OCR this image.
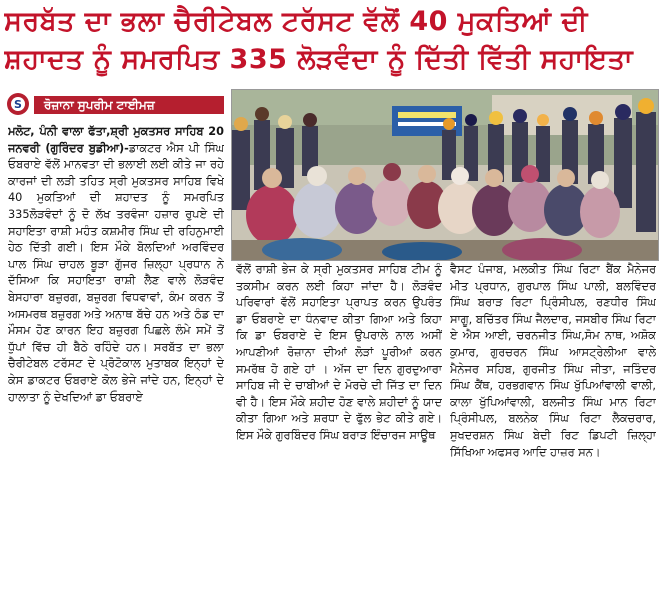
ਸਰਬੱਤ ਦਾ ਭਲਾ ਚੈਰੀਟੇਬਲ ਟਰੱਸਟ ਵੱਲੋਂ 40 ਮੁਕਤਿਆਂ ਦੀ
ਸ਼ਹਾਦਤ ਨੂੰ ਸਮਰਪਿਤ 335 ਲੋੜਵੰਦਾ ਨੂੰ ਦਿੱਤੀ ਵਿੱਤੀ ਸਹਾਇਤਾ
S	ਰੋਜ਼ਾਨਾ ਸੁਪਰੀਮ ਟਾਈਮਜ਼
ਮਲੋਟ, ਪੰਨੀ ਵਾਲਾ ਫੱਤਾ,ਸ਼੍ਰੀ ਮੁਕਤਸਰ ਸਾਹਿਬ 20 ਜਨਵਰੀ (ਗੁਰਿੰਦਰ ਬੁਡੀਆ)-ਡਾਕਟਰ ਐਸ ਪੀ ਸਿੰਘ ਓਬਰਾਏ ਵੱਲੋਂ ਮਾਨਵਤਾ ਦੀ ਭਲਾਈ ਲਈ ਕੀਤੇ ਜਾ ਰਹੇ ਕਾਰਜਾਂ ਦੀ ਲੜੀ ਤਹਿਤ ਸ੍ਰੀ ਮੁਕਤਸਰ ਸਾਹਿਬ ਵਿਖੇ 40 ਮੁਕਤਿਆਂ ਦੀ ਸ਼ਹਾਦਤ ਨੂੰ ਸਮਰਪਿਤ 335ਲੋੜਵੰਦਾਂ ਨੂੰ ਦੋ ਲੱਖ ਤਰਵੰਜਾ ਹਜ਼ਾਰ ਰੁਪਏ ਦੀ ਸਹਾਇਤਾ ਰਾਸ਼ੀ ਮਹੰਤ ਕਸ਼ਮੀਰ ਸਿੰਘ ਦੀ ਰਹਿਨੁਮਾਈ ਹੇਠ ਦਿੱਤੀ ਗਈ। ਇਸ ਮੌਕੇ ਬੋਲਦਿਆਂ ਅਰਵਿੰਦਰ ਪਾਲ ਸਿੰਘ ਚਾਹਲ ਬੂੜਾ ਗੁੱਜਰ ਜ਼ਿਲ੍ਹਾ ਪ੍ਰਧਾਨ ਨੇ ਦੱਸਿਆ ਕਿ ਸਹਾਇਤਾ ਰਾਸ਼ੀ ਲੈਣ ਵਾਲੇ ਲੋੜਵੰਦ ਬੇਸਹਾਰਾ ਬਜ਼ੁਰਗ, ਬਜ਼ੁਰਗ ਵਿਧਵਾਵਾਂ, ਕੰਮ ਕਰਨ ਤੋਂ ਅਸਮਰਥ ਬਜ਼ੁਰਗ ਅਤੇ ਅਨਾਥ ਬੱਚੇ ਹਨ ਅਤੇ ਠੰਡ ਦਾ ਮੌਸਮ ਹੋਣ ਕਾਰਨ ਇਹ ਬਜ਼ੁਰਗ ਪਿਛਲੇ ਲੰਮੇ ਸਮੇਂ ਤੋਂ ਧੁੱਪਾਂ ਵਿੱਚ ਹੀ ਬੈਠੇ ਰਹਿੰਦੇ ਹਨ। ਸਰਬੱਤ ਦਾ ਭਲਾ ਚੈਰੀਟੇਬਲ ਟਰੱਸਟ ਦੇ ਪ੍ਰੋਟੋਕਾਲ ਮੁਤਾਬਕ ਇਨ੍ਹਾਂ ਦੇ ਕੇਸ ਡਾਕਟਰ ਓਬਰਾਏ ਕੋਲ ਭੇਜੇ ਜਾਂਦੇ ਹਨ, ਇਨ੍ਹਾਂ ਦੇ ਹਾਲਾਤਾ ਨੂੰ ਦੇਖਦਿਆਂ ਡਾ ਓਬਰਾਏ
ਵੱਲੋਂ ਰਾਸ਼ੀ ਭੇਜ ਕੇ ਸ੍ਰੀ ਮੁਕਤਸਰ ਸਾਹਿਬ ਟੀਮ ਨੂੰ ਤਕਸੀਮ ਕਰਨ ਲਈ ਕਿਹਾ ਜਾਂਦਾ ਹੈ। ਲੋੜਵੰਦ ਪਰਿਵਾਰਾਂ ਵੱਲੋਂ ਸਹਾਇਤਾ ਪ੍ਰਾਪਤ ਕਰਨ ਉਪਰੰਤ ਡਾ ਓਬਰਾਏ ਦਾ ਧੰਨਵਾਦ ਕੀਤਾ ਗਿਆ ਅਤੇ ਕਿਹਾ ਕਿ ਡਾ ਓਬਰਾਏ ਦੇ ਇਸ ਉਪਰਾਲੇ ਨਾਲ ਅਸੀਂ ਆਪਣੀਆਂ ਰੋਜ਼ਾਨਾ ਦੀਆਂ ਲੋੜਾਂ ਪੂਰੀਆਂ ਕਰਨ ਸਮਰੱਥ ਹੋ ਗਏ ਹਾਂ । ਅੱਜ ਦਾ ਦਿਨ ਗੁਰਦੁਆਰਾ ਸਾਹਿਬ ਜੀ ਦੇ ਚਾਬੀਆਂ ਦੇ ਮੋਰਚੇ ਦੀ ਜਿੱਤ ਦਾ ਦਿਨ ਵੀ ਹੈ। ਇਸ ਮੌਕੇ ਸ਼ਹੀਦ ਹੋਣ ਵਾਲੇ ਸ਼ਹੀਦਾਂ ਨੂੰ ਯਾਦ ਕੀਤਾ ਗਿਆ ਅਤੇ ਸ਼ਰਧਾ ਦੇ ਫੁੱਲ ਭੇਟ ਕੀਤੇ ਗਏ।ਇਸ ਮੌਕੇ ਗੁਰਬਿੰਦਰ ਸਿੰਘ ਬਰਾੜ ਇੰਚਾਰਜ ਸਾਊਥ
ਵੈਸਟ ਪੰਜਾਬ, ਮਲਕੀਤ ਸਿੰਘ ਰਿਟਾ ਬੈਂਕ ਮੈਨੇਜਰ ਮੀਤ ਪ੍ਰਧਾਨ, ਗੁਰਪਾਲ ਸਿੰਘ ਪਾਲੀ, ਬਲਵਿੰਦਰ ਸਿੰਘ ਬਰਾੜ ਰਿਟਾ ਪ੍ਰਿੰਸੀਪਲ, ਰਣਧੀਰ ਸਿੰਘ ਸਾਗੂ, ਬਚਿੱਤਰ ਸਿੰਘ ਜੈਲਦਾਰ, ਜਸਬੀਰ ਸਿੰਘ ਰਿਟਾ ਏ ਐਸ ਆਈ, ਚਰਨਜੀਤ ਸਿੰਘ,ਸੋਮ ਨਾਥ, ਅਸ਼ੋਕ ਕੁਮਾਰ, ਗੁਰਚਰਨ ਸਿੰਘ ਆਸਟ੍ਰੇਲੀਆ ਵਾਲੇ ਮੈਨੇਜਰ ਸਹਿਬ, ਗੁਰਜੀਤ ਸਿੰਘ ਜੀਤਾ, ਜਤਿੰਦਰ ਸਿੰਘ ਕੈਂਥ, ਹਰਭਗਵਾਨ ਸਿੰਘ ਖੁੱਪਿਆਂਵਾਲੀ ਵਾਲੀ, ਕਾਲਾ ਖੁੱਪਿਆਂਵਾਲੀ, ਬਲਜੀਤ ਸਿੰਘ ਮਾਨ ਰਿਟਾ ਪ੍ਰਿੰਸੀਪਲ, ਬਲਨੇਕ ਸਿੰਘ ਰਿਟਾ ਲੈਕਚਰਾਰ, ਸੁਖਦਰਸ਼ਨ ਸਿੰਘ ਬੇਦੀ ਰਿਟ ਡਿਪਟੀ ਜ਼ਿਲ੍ਹਾ ਸਿੱਖਿਆ ਅਫਸਰ ਆਦਿ ਹਾਜ਼ਰ ਸਨ।
